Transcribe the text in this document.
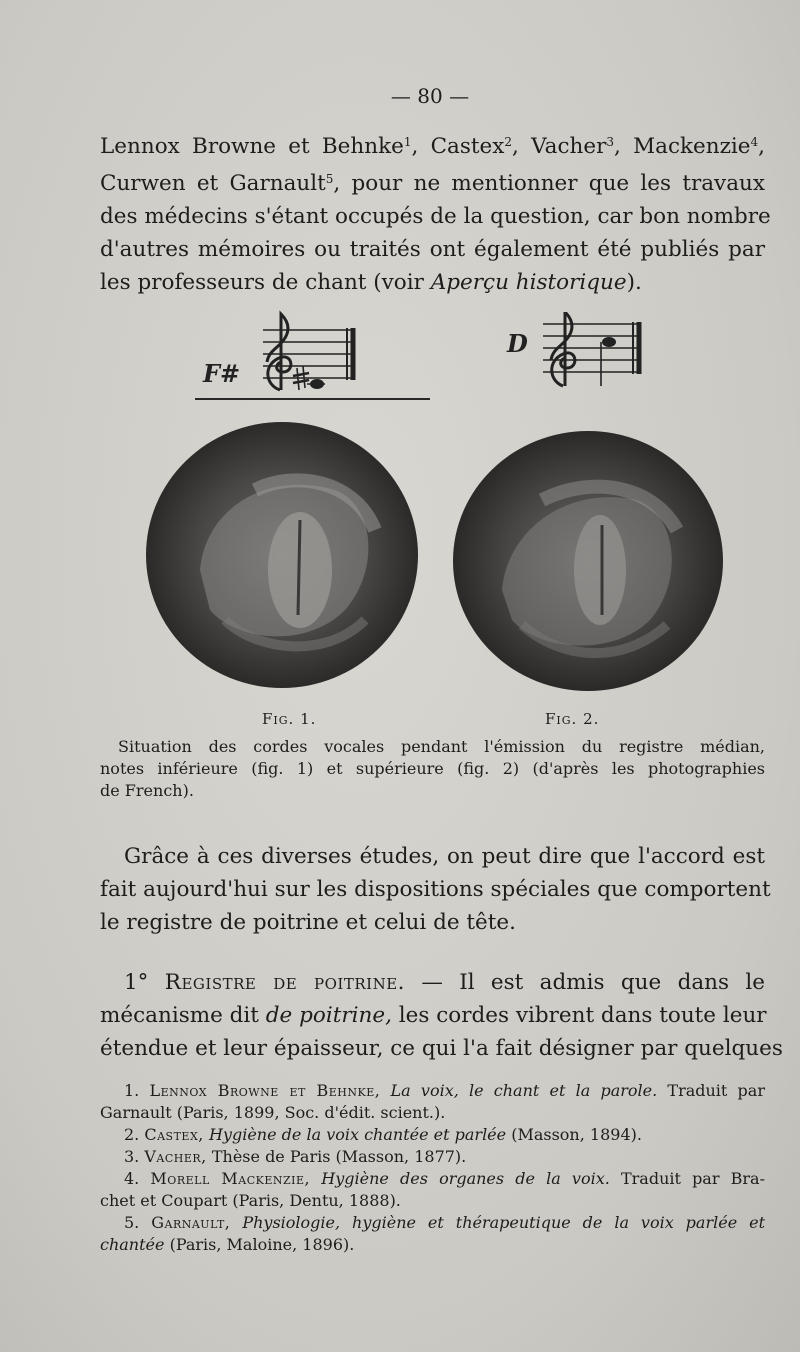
— 80 —
Lennox Browne et Behnke$^1$, Castex$^2$, Vacher$^3$, Mackenzie$^4$,
Curwen et Garnault$^5$, pour ne mentionner que les travaux
des médecins s'étant occupés de la question, car bon nombre
d'autres mémoires ou traités ont également été publiés par
les professeurs de chant (voir Aperçu historique).
F#
D
Fig. 1.	Fig. 2.
Situation des cordes vocales pendant l'émission du registre médian,
notes inférieure (fig. 1) et supérieure (fig. 2) (d'après les photographies
de French).
Grâce à ces diverses études, on peut dire que l'accord est
fait aujourd'hui sur les dispositions spéciales que comportent
le registre de poitrine et celui de tête.
1° Registre de poitrine. — Il est admis que dans le
mécanisme dit de poitrine, les cordes vibrent dans toute leur
étendue et leur épaisseur, ce qui l'a fait désigner par quelques
1. Lennox Browne et Behnke, La voix, le chant et la parole. Traduit par
Garnault (Paris, 1899, Soc. d'édit. scient.).
2. Castex, Hygiène de la voix chantée et parlée (Masson, 1894).
3. Vacher, Thèse de Paris (Masson, 1877).
4. Morell Mackenzie, Hygiène des organes de la voix. Traduit par Bra-
chet et Coupart (Paris, Dentu, 1888).
5. Garnault, Physiologie, hygiène et thérapeutique de la voix parlée et
chantée (Paris, Maloine, 1896).
